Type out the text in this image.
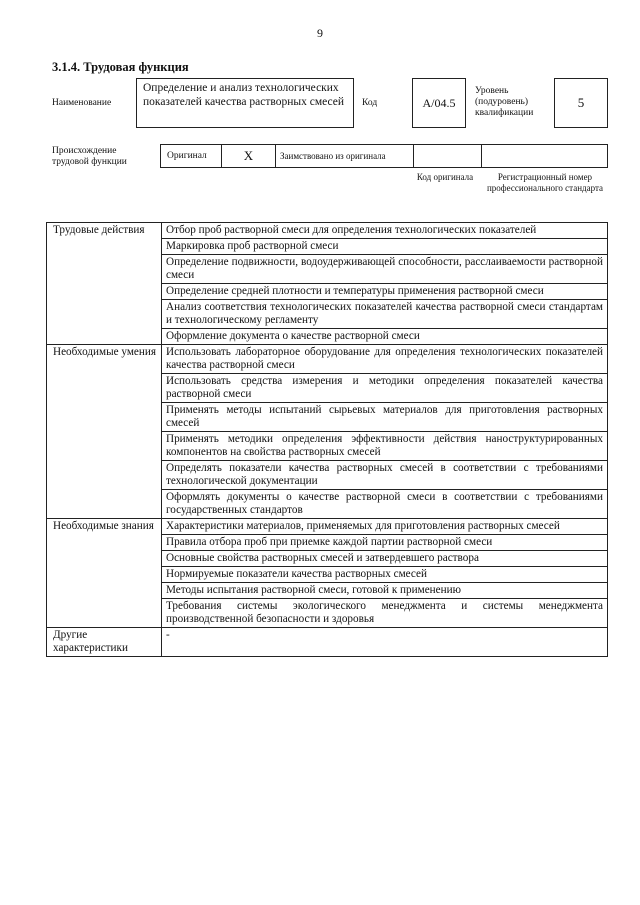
9
3.1.4. Трудовая функция
Наименование
Определение и анализ технологических показателей качества растворных смесей	Код	A/04.5
Уровень (подуровень) квалификации
5
Происхождение трудовой функции
Оригинал	X	Заимствовано из оригинала
Код оригинала	Регистрационный номер профессионального стандарта
Трудовые действия	Отбор проб растворной смеси для определения технологических показателей
	Маркировка проб растворной смеси
	Определение подвижности, водоудерживающей способности, расслаиваемости растворной смеси
	Определение средней плотности и температуры применения растворной смеси
	Анализ соответствия технологических показателей качества растворной смеси стандартам и технологическому регламенту
	Оформление документа о качестве растворной смеси
Необходимые умения	Использовать лабораторное оборудование для определения технологических показателей качества растворной смеси
	Использовать средства измерения и методики определения показателей качества растворной смеси
	Применять методы испытаний сырьевых материалов для приготовления растворных смесей
	Применять методики определения эффективности действия наноструктурированных компонентов на свойства растворных смесей
	Определять показатели качества растворных смесей в соответствии с требованиями технологической документации
	Оформлять документы о качестве растворной смеси в соответствии с требованиями государственных стандартов
Необходимые знания	Характеристики материалов, применяемых для приготовления растворных смесей
	Правила отбора проб при приемке каждой партии растворной смеси
	Основные свойства растворных смесей и затвердевшего раствора
	Нормируемые показатели качества растворных смесей
	Методы испытания растворной смеси, готовой к применению
	Требования системы экологического менеджмента и системы менеджмента производственной безопасности и здоровья
Другие характеристики	-
